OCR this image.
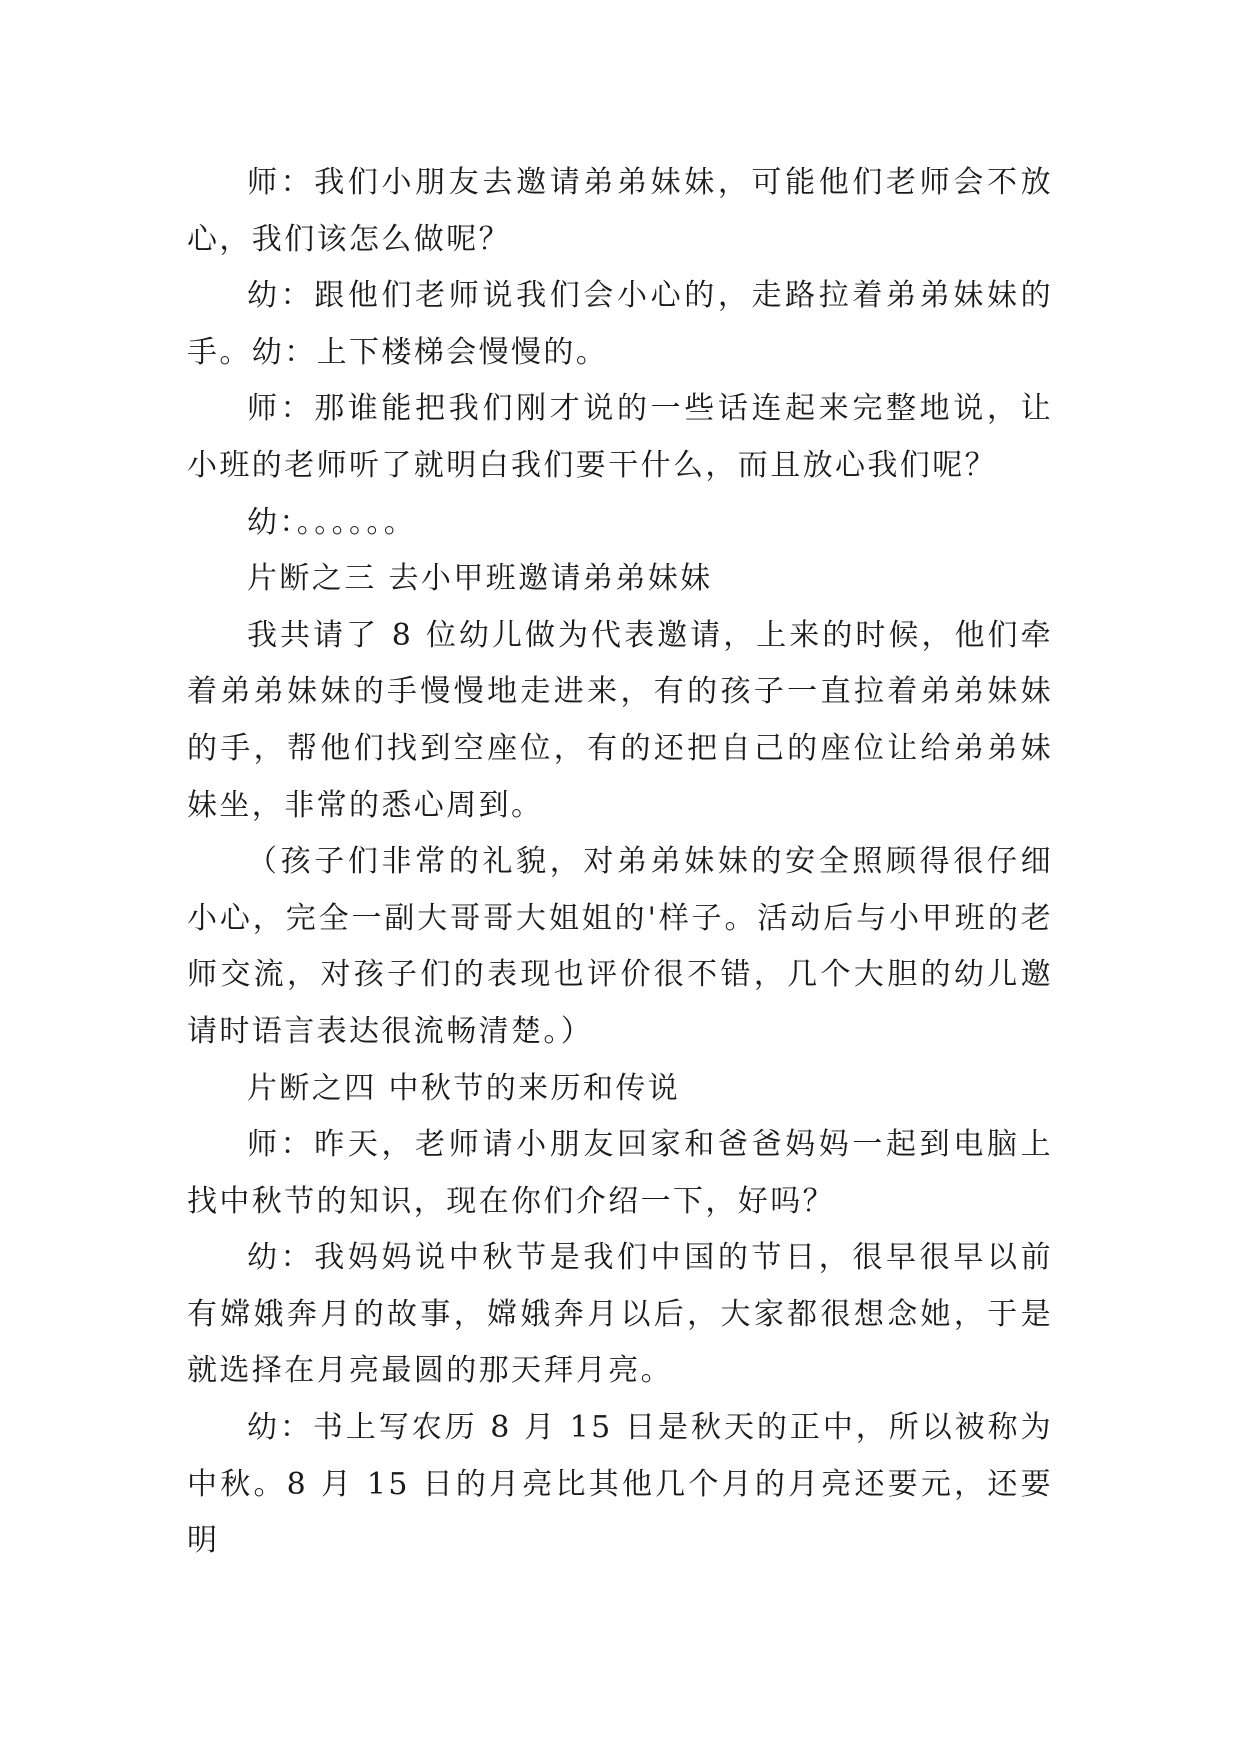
师：我们小朋友去邀请弟弟妹妹，可能他们老师会不放心，我们该怎么做呢？

幼：跟他们老师说我们会小心的，走路拉着弟弟妹妹的手。幼：上下楼梯会慢慢的。

师：那谁能把我们刚才说的一些话连起来完整地说，让小班的老师听了就明白我们要干什么，而且放心我们呢？

幼：。。。。。。

片断之三 去小甲班邀请弟弟妹妹

我共请了 8 位幼儿做为代表邀请，上来的时候，他们牵着弟弟妹妹的手慢慢地走进来，有的孩子一直拉着弟弟妹妹的手，帮他们找到空座位，有的还把自己的座位让给弟弟妹妹坐，非常的悉心周到。

（孩子们非常的礼貌，对弟弟妹妹的安全照顾得很仔细小心，完全一副大哥哥大姐姐的'样子。活动后与小甲班的老师交流，对孩子们的表现也评价很不错，几个大胆的幼儿邀请时语言表达很流畅清楚。）

片断之四 中秋节的来历和传说

师：昨天，老师请小朋友回家和爸爸妈妈一起到电脑上找中秋节的知识，现在你们介绍一下，好吗？

幼：我妈妈说中秋节是我们中国的节日，很早很早以前有嫦娥奔月的故事，嫦娥奔月以后，大家都很想念她，于是就选择在月亮最圆的那天拜月亮。

幼：书上写农历 8 月 15 日是秋天的正中，所以被称为中秋。8 月 15 日的月亮比其他几个月的月亮还要元，还要明
